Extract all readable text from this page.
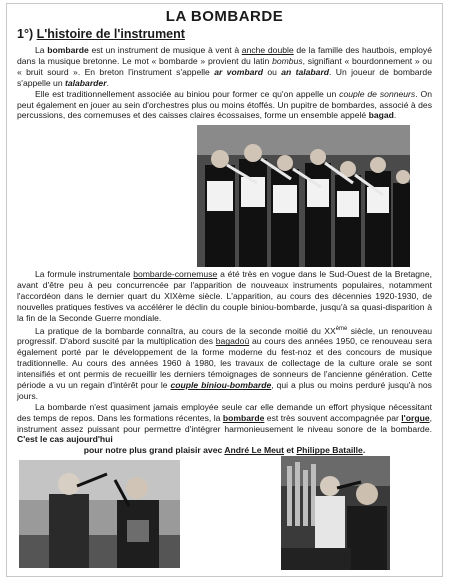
LA BOMBARDE
1°) L'histoire de l'instrument

La bombarde est un instrument de musique à vent à anche double de la famille des hautbois, employé dans la musique bretonne. Le mot « bombarde » provient du latin bombus, signifiant « bourdonnement » ou « bruit sourd ». En breton l'instrument s'appelle ar vombard ou an talabard. Un joueur de bombarde s'appelle un talabarder.

Elle est traditionnellement associée au biniou pour former ce qu'on appelle un couple de sonneurs. On peut également en jouer au sein d'orchestres plus ou moins étoffés. Un pupitre de bombardes, associé à des percussions, des cornemuses et des caisses claires écossaises, forme un ensemble appelé bagad.

La formule instrumentale bombarde-cornemuse a été très en vogue dans le Sud-Ouest de la Bretagne, avant d'être peu à peu concurrencée par l'apparition de nouveaux instruments populaires, notamment l'accordéon dans le dernier quart du XIXème siècle. L'apparition, au cours des décennies 1920-1930, de nouvelles pratiques festives va accélérer le déclin du couple biniou-bombarde, jusqu'à sa quasi-disparition à la fin de la Seconde Guerre mondiale.

La pratique de la bombarde connaîtra, au cours de la seconde moitié du XXème siècle, un renouveau progressif. D'abord suscité par la multiplication des bagadoù au cours des années 1950, ce renouveau sera également porté par le développement de la forme moderne du fest-noz et des concours de musique traditionnelle. Au cours des années 1960 à 1980, les travaux de collectage de la culture orale se sont intensifiés et ont permis de recueillir les derniers témoignages de sonneurs de l'ancienne génération. Cette période a vu un regain d'intérêt pour le couple biniou-bombarde, qui a plus ou moins perduré jusqu'à nos jours.

La bombarde n'est quasiment jamais employée seule car elle demande un effort physique nécessitant des temps de repos. Dans les formations récentes, la bombarde est très souvent accompagnée par l'orgue, instrument assez puissant pour permettre d'intégrer harmonieusement le niveau sonore de la bombarde. C'est le cas aujourd'hui

pour notre plus grand plaisir avec André Le Meut et Philippe Bataille.
